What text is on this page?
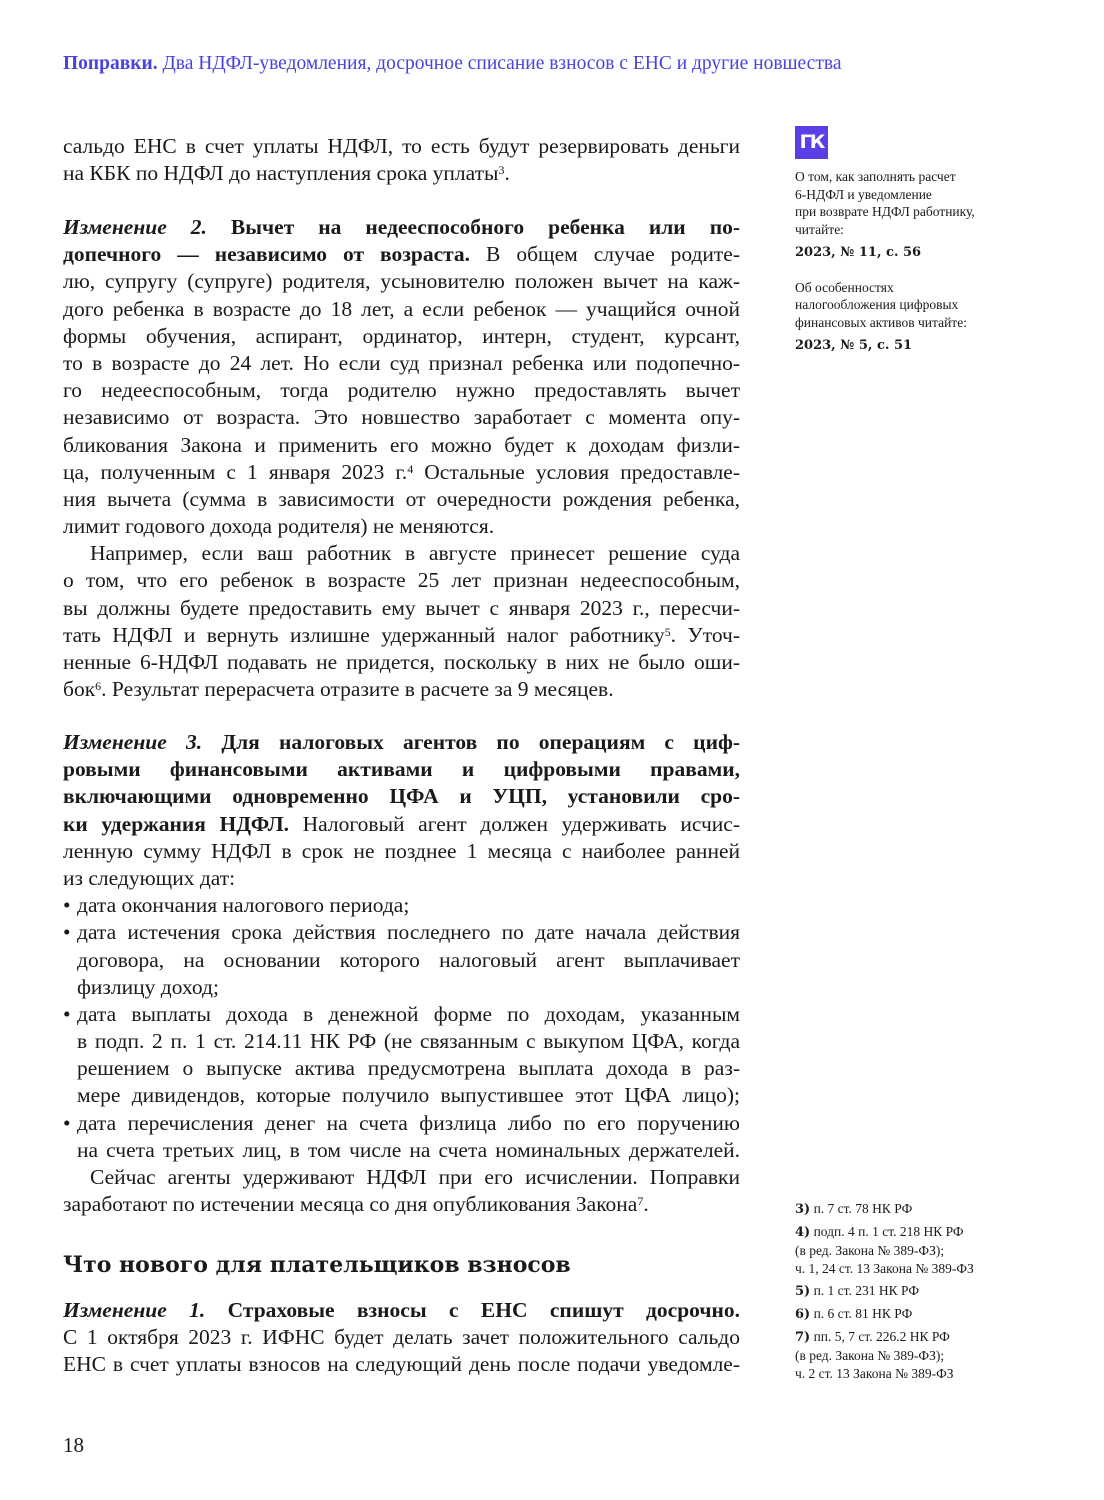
Поправки. Два НДФЛ-уведомления, досрочное списание взносов с ЕНС и другие новшества
сальдо ЕНС в счет уплаты НДФЛ, то есть будут резервировать деньги
на КБК по НДФЛ до наступления срока уплаты$^3$.
Изменение 2. Вычет на недееспособного ребенка или по-
допечного — независимо от возраста. В общем случае родите-
лю, супругу (супруге) родителя, усыновителю положен вычет на каж-
дого ребенка в возрасте до 18 лет, а если ребенок — учащийся очной
формы обучения, аспирант, ординатор, интерн, студент, курсант,
то в возрасте до 24 лет. Но если суд признал ребенка или подопечно-
го недееспособным, тогда родителю нужно предоставлять вычет
независимо от возраста. Это новшество заработает с момента опу-
бликования Закона и применить его можно будет к доходам физли-
ца, полученным с 1 января 2023 г.$^4$ Остальные условия предоставле-
ния вычета (сумма в зависимости от очередности рождения ребенка,
лимит годового дохода родителя) не меняются.
Например, если ваш работник в августе принесет решение суда
о том, что его ребенок в возрасте 25 лет признан недееспособным,
вы должны будете предоставить ему вычет с января 2023 г., пересчи-
тать НДФЛ и вернуть излишне удержанный налог работнику$^5$. Уточ-
ненные 6-НДФЛ подавать не придется, поскольку в них не было оши-
бок$^6$. Результат перерасчета отразите в расчете за 9 месяцев.
Изменение 3. Для налоговых агентов по операциям с циф-
ровыми финансовыми активами и цифровыми правами,
включающими одновременно ЦФА и УЦП, установили сро-
ки удержания НДФЛ. Налоговый агент должен удерживать исчис-
ленную сумму НДФЛ в срок не позднее 1 месяца с наиболее ранней
из следующих дат:
• дата окончания налогового периода;
• дата истечения срока действия последнего по дате начала действия
договора, на основании которого налоговый агент выплачивает
физлицу доход;
• дата выплаты дохода в денежной форме по доходам, указанным
в подп. 2 п. 1 ст. 214.11 НК РФ (не связанным с выкупом ЦФА, когда
решением о выпуске актива предусмотрена выплата дохода в раз-
мере дивидендов, которые получило выпустившее этот ЦФА лицо);
• дата перечисления денег на счета физлица либо по его поручению
на счета третьих лиц, в том числе на счета номинальных держателей.
Сейчас агенты удерживают НДФЛ при его исчислении. Поправки
заработают по истечении месяца со дня опубликования Закона$^7$.
Что нового для плательщиков взносов
Изменение 1. Страховые взносы с ЕНС спишут досрочно.
С 1 октября 2023 г. ИФНС будет делать зачет положительного сальдо
ЕНС в счет уплаты взносов на следующий день после подачи уведомле-
ГК
О том, как заполнять расчет
6-НДФЛ и уведомление
при возврате НДФЛ работнику,
читайте:
2023, № 11, с. 56
Об особенностях
налогообложения цифровых
финансовых активов читайте:
2023, № 5, с. 51
3) п. 7 ст. 78 НК РФ
4) подп. 4 п. 1 ст. 218 НК РФ
(в ред. Закона № 389-ФЗ);
ч. 1, 24 ст. 13 Закона № 389-ФЗ
5) п. 1 ст. 231 НК РФ
6) п. 6 ст. 81 НК РФ
7) пп. 5, 7 ст. 226.2 НК РФ
(в ред. Закона № 389-ФЗ);
ч. 2 ст. 13 Закона № 389-ФЗ
18
